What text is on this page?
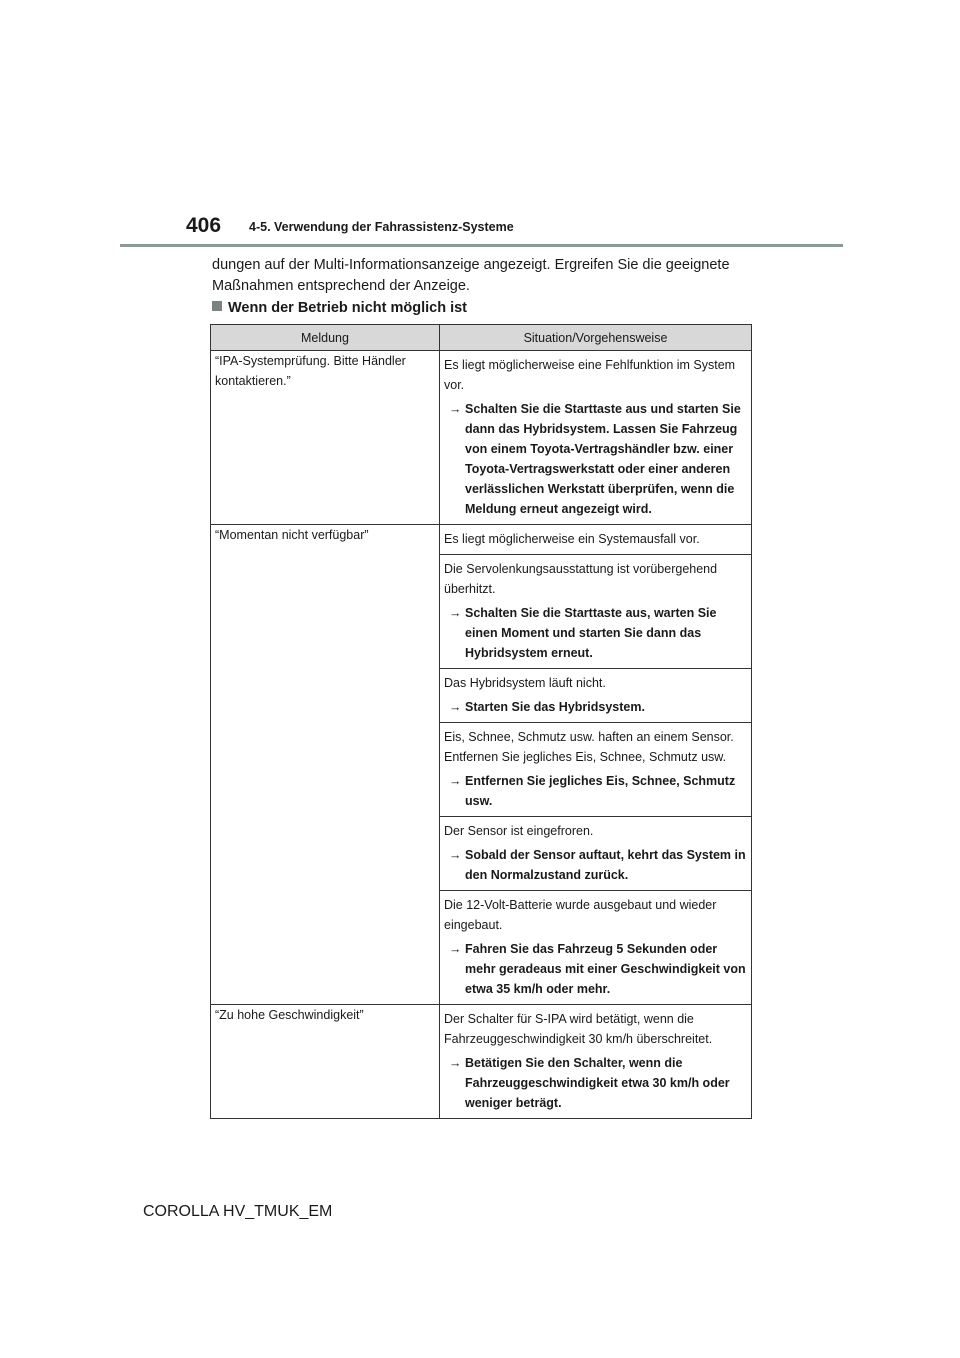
406 4-5. Verwendung der Fahrassistenz-Systeme
dungen auf der Multi-Informationsanzeige angezeigt. Ergreifen Sie die geeignete Maßnahmen entsprechend der Anzeige.
Wenn der Betrieb nicht möglich ist
Meldung	Situation/Vorgehensweise
“IPA-Systemprüfung. Bitte Händler kontaktieren.”	Es liegt möglicherweise eine Fehlfunktion im System vor.
→ Schalten Sie die Starttaste aus und starten Sie dann das Hybridsystem. Lassen Sie Fahrzeug von einem Toyota-Vertragshändler bzw. einer Toyota-Vertragswerkstatt oder einer anderen verlässlichen Werkstatt überprüfen, wenn die Meldung erneut angezeigt wird.

“Momentan nicht verfügbar”	Es liegt möglicherweise ein Systemausfall vor.

	Die Servolenkungsausstattung ist vorübergehend überhitzt.
→ Schalten Sie die Starttaste aus, warten Sie einen Moment und starten Sie dann das Hybridsystem erneut.

	Das Hybridsystem läuft nicht.
→ Starten Sie das Hybridsystem.

	Eis, Schnee, Schmutz usw. haften an einem Sensor. Entfernen Sie jegliches Eis, Schnee, Schmutz usw.
→ Entfernen Sie jegliches Eis, Schnee, Schmutz usw.

	Der Sensor ist eingefroren.
→ Sobald der Sensor auftaut, kehrt das System in den Normalzustand zurück.

	Die 12-Volt-Batterie wurde ausgebaut und wieder eingebaut.
→ Fahren Sie das Fahrzeug 5 Sekunden oder mehr geradeaus mit einer Geschwindigkeit von etwa 35 km/h oder mehr.

“Zu hohe Geschwindigkeit”	Der Schalter für S-IPA wird betätigt, wenn die Fahrzeuggeschwindigkeit 30 km/h überschreitet.
→ Betätigen Sie den Schalter, wenn die Fahrzeuggeschwindigkeit etwa 30 km/h oder weniger beträgt.
COROLLA HV_TMUK_EM
